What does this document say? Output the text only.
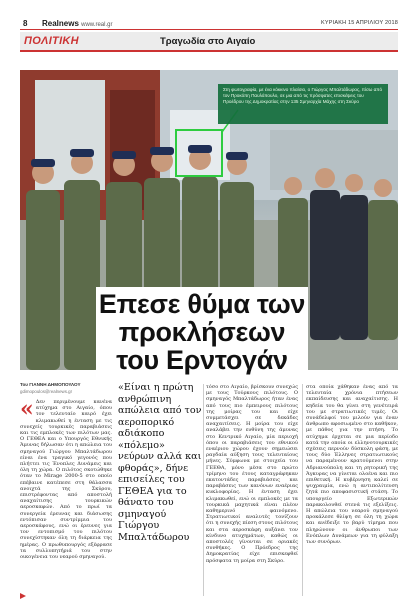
8 Realnews www.real.gr	ΚΥΡΙΑΚΗ 15 ΑΠΡΙΛΙΟΥ 2018
ΠΟΛΙΤΙΚΗ	Τραγωδία στο Αιγαίο

Στη φωτογραφία, με ένα κόκκινο πλαίσιο, ο Γιώργος Μπαλτάδωρος, πίσω από τον Προκόπη Παυλόπουλο, σε μια από τις πρόσφατες επισκέψεις του Προέδρου της Δημοκρατίας στην 135 Σμηναρχία Μάχης στη Σκύρο

Επεσε θύμα των προκλήσεων του Ερντογάν
Του ΓΙΑΝΝΗ ΔΗΜΟΠΟΥΛΟΥ
gdimopoulos@realnews.gr
« Δεν περιμένουμε κανένα ατύχημα στο Αιγαίο, όπου τον τελευταίο καιρό έχει κλιμακωθεί η ένταση με τις συνεχείς τουρκικές παραβιάσεις και τις εμπλοκές των πιλότων μας. Ο ΓΕΘΕΑ και ο Υπουργός Εθνικής Άμυνας δήλωσαν ότι η απώλεια του σμηναγού Γιώργου Μπαλτάδωρου είναι ένα τραγικό γεγονός που πλήττει τις Ένοπλες Δυνάμεις και όλη τη χώρα. Ο πιλότος σκοτώθηκε όταν το Mirage 2000-5 στο οποίο επέβαινε κατέπεσε στη θάλασσα ανοιχτά της Σκύρου, επιστρέφοντας από αποστολή αναχαίτισης τουρκικών αεροσκαφών. Από το πρωί τα συνεργεία έρευνας και διάσωσης εντόπισαν συντρίμμια του αεροσκάφους, ενώ οι έρευνες για τον εντοπισμό του πιλότου συνεχίστηκαν όλη τη διάρκεια της ημέρας. Ο πρωθυπουργός εξέφρασε τα συλλυπητήριά του στην οικογένεια του νεαρού σμηναγού.
«Είναι η πρώτη ανθρώπινη απώλεια από τον αεροπορικό αδιάκοπο «πόλεμο» νεύρων αλλά και φθοράς», δήνε επισείλες του ΓΕΘΕΑ για το θάνατο του σμηναγού Γιώργου Μπαλτάδωρου
τόσο στο Αιγαίο, βρίσκουν συνεχώς με τους Τούρκους πιλότους. Ο σμηναγός Μπαλτάδωρος ήταν ένας από τους πιο έμπειρους πιλότους της μοίρας του και είχε συμμετάσχει σε δεκάδες αναχαιτίσεις. Η μοίρα του είχε αναλάβει την ευθύνη της άμυνας στο Κεντρικό Αιγαίο, μία περιοχή όπου οι παραβιάσεις του εθνικού εναέριου χώρου έχουν σημειώσει ραγδαία αύξηση τους τελευταίους μήνες. Σύμφωνα με στοιχεία του ΓΕΕΘΑ, μόνο μέσα στο πρώτο τρίμηνο του έτους καταγράφηκαν εκατοντάδες παραβιάσεις και παραβάσεις των κανόνων εναέριας κυκλοφορίας. Η ένταση έχει κλιμακωθεί, ενώ οι εμπλοκές με τα τουρκικά μαχητικά είναι πλέον καθημερινό φαινόμενο. Στρατιωτικοί αναλυτές τονίζουν ότι η συνεχής πίεση στους πιλότους και στα αεροσκάφη αυξάνει τον κίνδυνο ατυχημάτων, καθώς οι αποστολές γίνονται σε οριακές συνθήκες. Ο Πρόεδρος της Δημοκρατίας είχε επισκεφθεί πρόσφατα τη μοίρα στη Σκύρο.
στα οποία χάθηκαν ένας από τα τελευταία χρόνια πτήσεων εκπαίδευσης και αναχαίτισης. Η κηδεία του θα γίνει στη γενέτειρά του με στρατιωτικές τιμές. Οι συνάδελφοί του μιλούν για έναν άνθρωπο αφοσιωμένο στο καθήκον, με πάθος για την πτήση. Το ατύχημα έρχεται σε μια περίοδο κατά την οποία οι ελληνοτουρκικές σχέσεις περνούν δύσκολη φάση, με τους δύο Έλληνες στρατιωτικούς να παραμένουν κρατούμενοι στην Αδριανούπολη και τη ρητορική της Άγκυρας να γίνεται ολοένα και πιο επιθετική. Η κυβέρνηση καλεί σε ψυχραιμία, ενώ η αντιπολίτευση ζητά πιο αποφασιστική στάση. Το υπουργείο Εξωτερικών παρακολουθεί στενά τις εξελίξεις. Η απώλεια του νεαρού σμηναγού προκάλεσε θλίψη σε όλη τη χώρα και ανέδειξε το βαρύ τίμημα που πληρώνουν οι άνθρωποι των Ενόπλων Δυνάμεων για τη φύλαξη των συνόρων.
